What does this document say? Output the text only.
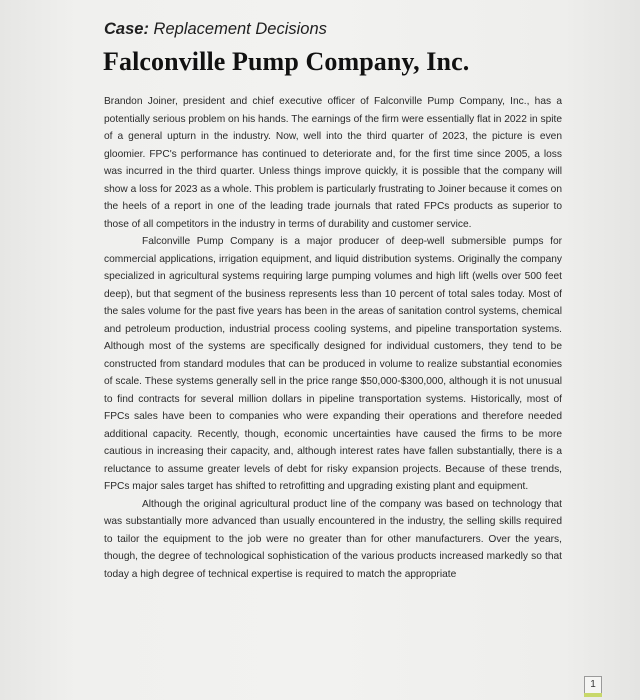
Case: Replacement Decisions
Falconville Pump Company, Inc.

Brandon Joiner, president and chief executive officer of Falconville Pump Company, Inc., has a potentially serious problem on his hands. The earnings of the firm were essentially flat in 2022 in spite of a general upturn in the industry. Now, well into the third quarter of 2023, the picture is even gloomier. FPC's performance has continued to deteriorate and, for the first time since 2005, a loss was incurred in the third quarter. Unless things improve quickly, it is possible that the company will show a loss for 2023 as a whole. This problem is particularly frustrating to Joiner because it comes on the heels of a report in one of the leading trade journals that rated FPCs products as superior to those of all competitors in the industry in terms of durability and customer service.

Falconville Pump Company is a major producer of deep-well submersible pumps for commercial applications, irrigation equipment, and liquid distribution systems. Originally the company specialized in agricultural systems requiring large pumping volumes and high lift (wells over 500 feet deep), but that segment of the business represents less than 10 percent of total sales today. Most of the sales volume for the past five years has been in the areas of sanitation control systems, chemical and petroleum production, industrial process cooling systems, and pipeline transportation systems. Although most of the systems are specifically designed for individual customers, they tend to be constructed from standard modules that can be produced in volume to realize substantial economies of scale. These systems generally sell in the price range $50,000-$300,000, although it is not unusual to find contracts for several million dollars in pipeline transportation systems. Historically, most of FPCs sales have been to companies who were expanding their operations and therefore needed additional capacity. Recently, though, economic uncertainties have caused the firms to be more cautious in increasing their capacity, and, although interest rates have fallen substantially, there is a reluctance to assume greater levels of debt for risky expansion projects. Because of these trends, FPCs major sales target has shifted to retrofitting and upgrading existing plant and equipment.

Although the original agricultural product line of the company was based on technology that was substantially more advanced than usually encountered in the industry, the selling skills required to tailor the equipment to the job were no greater than for other manufacturers. Over the years, though, the degree of technological sophistication of the various products increased markedly so that today a high degree of technical expertise is required to match the appropriate

1
